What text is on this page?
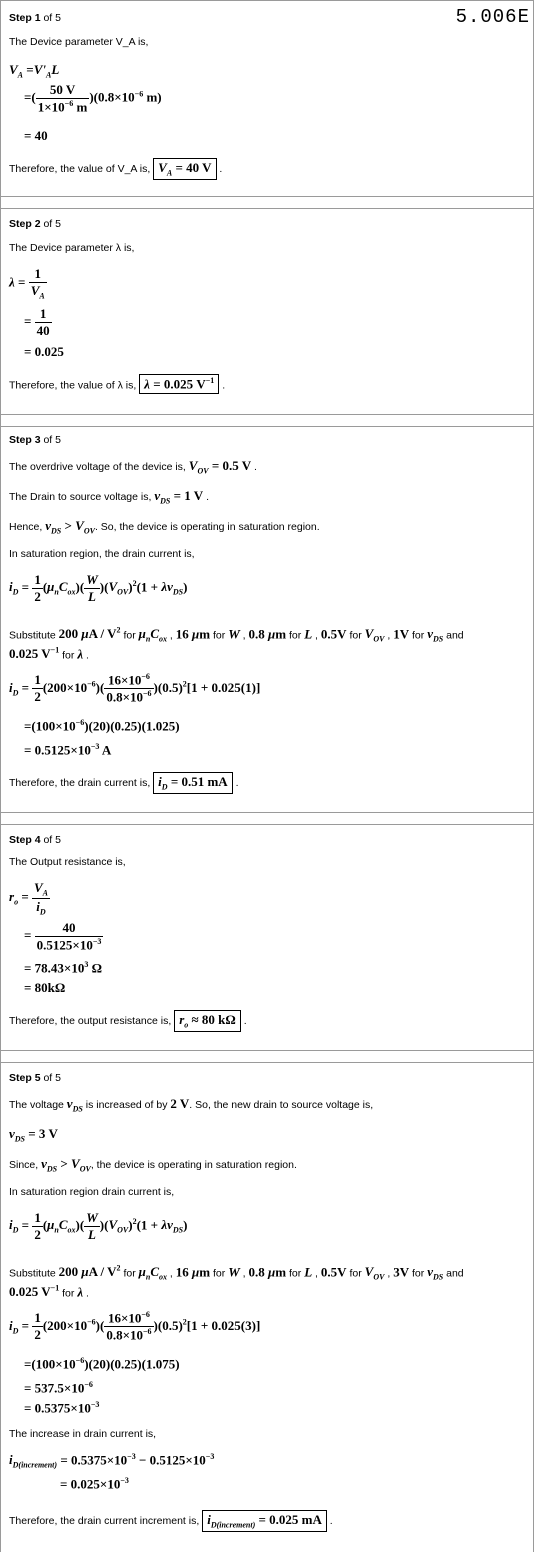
5.006E
Step 1 of 5
The Device parameter V_A is,
$V_A =V'_AL$
=( $\frac{50 V}{1\times 10^{-6} m} )(0.8\times 10^{-6}$ m)
= 40
Therefore, the value of V_A is, $V_A = 40$ V .
Step 2 of 5
The Device parameter λ is,
$\lambda = \frac{1}{V_A}$
= $\frac{1}{40}$
= 0.025
Therefore, the value of λ is, λ = 0.025 $V^{-1}$ .
Step 3 of 5
The overdrive voltage of the device is, $V_{OV} = 0.5$ V .
The Drain to source voltage is, $v_{DS} = 1$ V .
Hence, $v_{DS} > V_{OV}$. So, the device is operating in saturation region.
In saturation region, the drain current is,
$i_D = \frac{1}{2} (\mu_nC_{ox})( \frac{W}{L} )(V_{OV})^2(1 + \lambda v_{DS})$
Substitute 200 μA / $V^2$ for $\mu_nC_{ox}$ , 16 μm for W , 0.8 μm for L , 0.5V for $V_{OV}$ , 1V for $v_{DS}$ and
0.025 $V^{-1}$ for λ .
$i_D = \frac{1}{2} (200\times 10^{-6})( \frac{16\times 10^{-6}}{0.8\times 10^{-6}} )(0.5)^2[1 + 0.025(1)]$
$=(100\times 10^{-6})(20)(0.25)(1.025)$
= $0.5125\times 10^{-3}$ A
Therefore, the drain current is, $i_D = 0.51$ mA .
Step 4 of 5
The Output resistance is,
$r_o = \frac{V_A}{i_D}$
= $\frac{40}{0.5125\times 10^{-3}}$
= $78.43\times 10^3$ Ω
= 80kΩ
Therefore, the output resistance is, $r_o \approx 80$ kΩ .
Step 5 of 5
The voltage $v_{DS}$ is increased of by 2 V. So, the new drain to source voltage is,
$v_{DS} = 3$ V
Since, $v_{DS} > V_{OV}$, the device is operating in saturation region.
In saturation region drain current is,
$i_D = \frac{1}{2} (\mu_nC_{ox})( \frac{W}{L} )(V_{OV})^2(1 + \lambda v_{DS})$
Substitute 200 μA / $V^2$ for $\mu_nC_{ox}$ , 16 μm for W , 0.8 μm for L , 0.5V for $V_{OV}$ , 3V for $v_{DS}$ and
0.025 $V^{-1}$ for λ .
$i_D = \frac{1}{2} (200\times 10^{-6})( \frac{16\times 10^{-6}}{0.8\times 10^{-6}} )(0.5)^2[1 + 0.025(3)]$
$=(100\times 10^{-6})(20)(0.25)(1.075)$
= $537.5\times 10^{-6}$
= $0.5375\times 10^{-3}$
The increase in drain current is,
$i_{D(increment)} = 0.5375\times 10^{-3} - 0.5125\times 10^{-3}$
= $0.025\times 10^{-3}$
Therefore, the drain current increment is, $i_{D(increment)} = 0.025$ mA .
